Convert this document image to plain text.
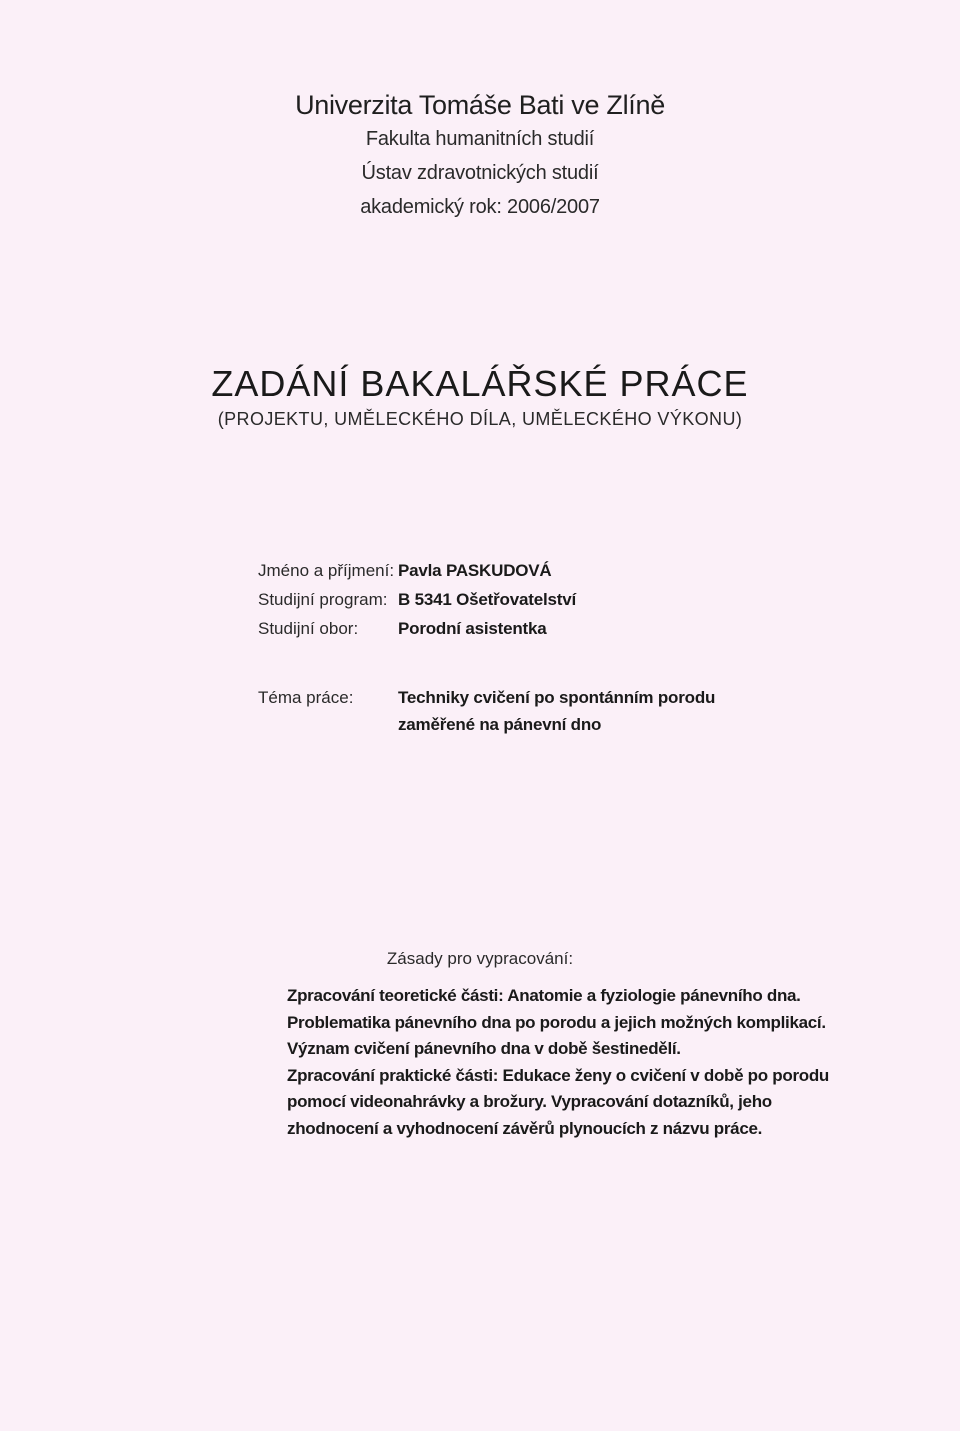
Univerzita Tomáše Bati ve Zlíně
Fakulta humanitních studií
Ústav zdravotnických studií
akademický rok: 2006/2007
ZADÁNÍ BAKALÁŘSKÉ PRÁCE
(PROJEKTU, UMĚLECKÉHO DÍLA, UMĚLECKÉHO VÝKONU)
Jméno a příjmení: Pavla PASKUDOVÁ
Studijní program: B 5341 Ošetřovatelství
Studijní obor:	Porodní asistentka
Téma práce:	Techniky cvičení po spontánním porodu zaměřené na pánevní dno
Zásady pro vypracování:

Zpracování teoretické části: Anatomie a fyziologie pánevního dna. Problematika pánevního dna po porodu a jejich možných komplikací. Význam cvičení pánevního dna v době šestinedělí.

Zpracování praktické části: Edukace ženy o cvičení v době po porodu pomocí videonahrávky a brožury. Vypracování dotazníků, jeho zhodnocení a vyhodnocení závěrů plynoucích z názvu práce.
